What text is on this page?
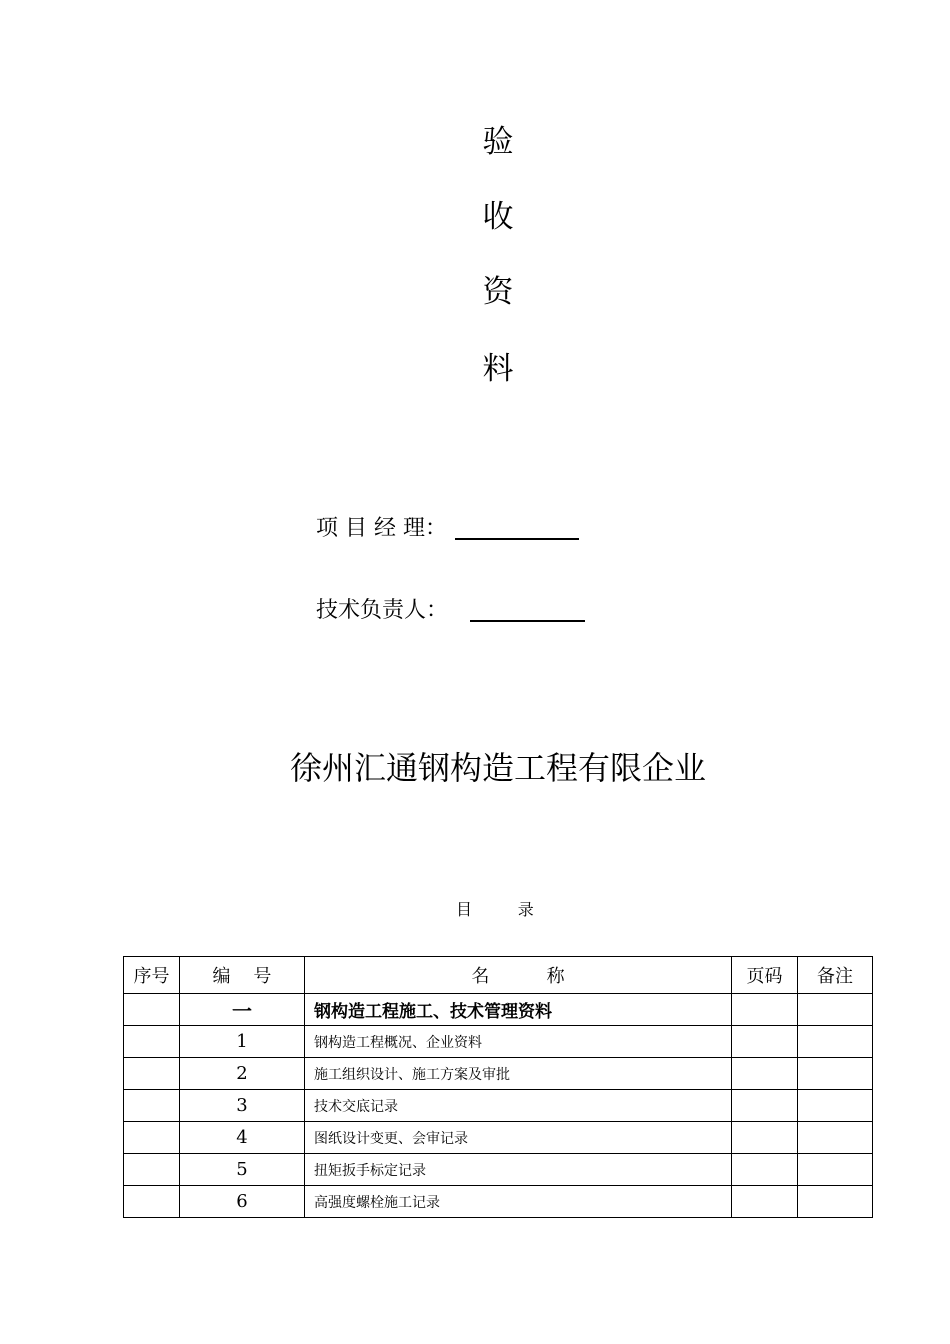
验
收
资
料
项 目 经 理：
技术负责人：
徐州汇通钢构造工程有限企业
目         录
序号	编    号	名          称	页码	备注
	一	钢构造工程施工、技术管理资料		
	1	钢构造工程概况、企业资料		
	2	施工组织设计、施工方案及审批		
	3	技术交底记录		
	4	图纸设计变更、会审记录		
	5	扭矩扳手标定记录		
	6	高强度螺栓施工记录		
